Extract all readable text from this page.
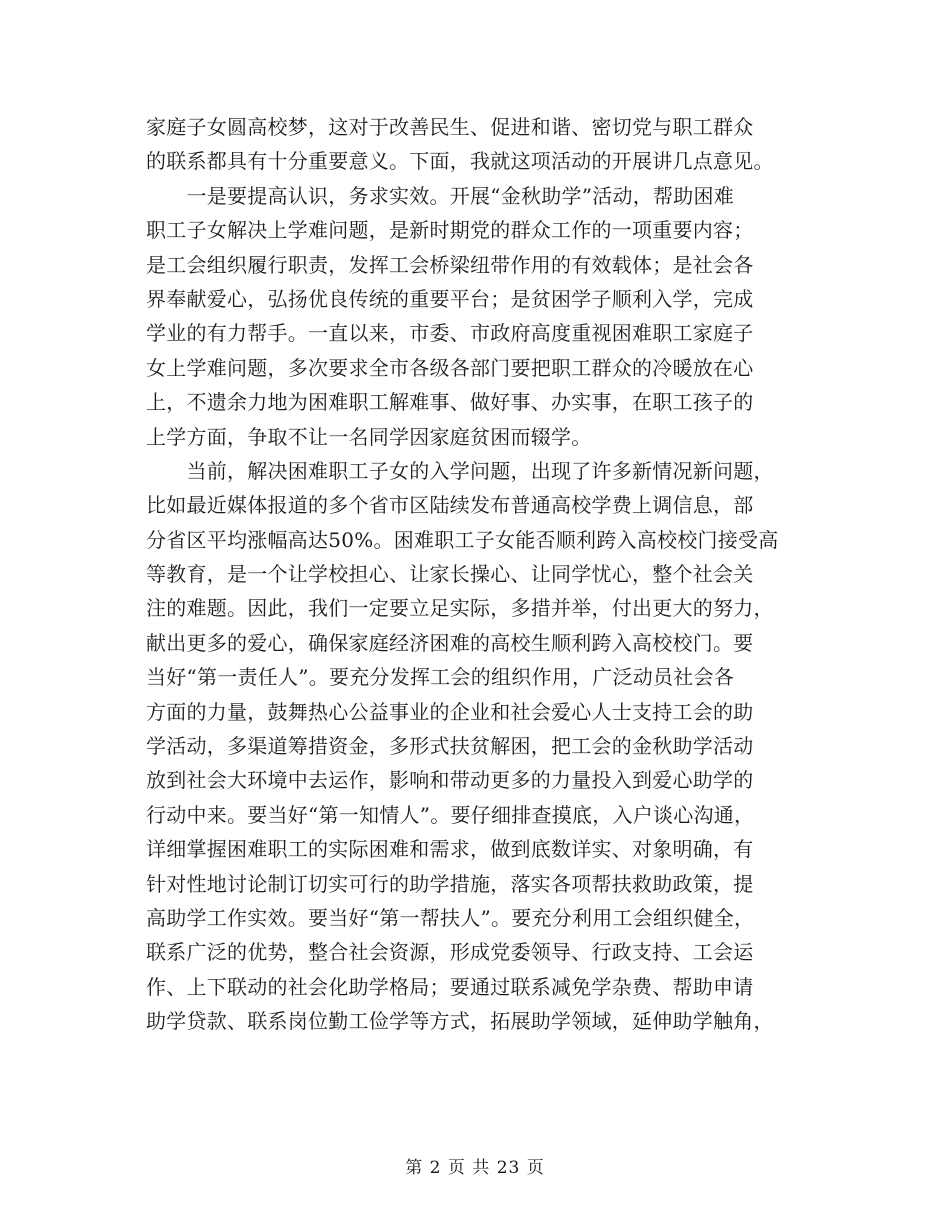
家庭子女圆高校梦，这对于改善民生、促进和谐、密切党与职工群众
的联系都具有十分重要意义。下面，我就这项活动的开展讲几点意见。
　　一是要提高认识，务求实效。开展“金秋助学”活动，帮助困难
职工子女解决上学难问题，是新时期党的群众工作的一项重要内容；
是工会组织履行职责，发挥工会桥梁纽带作用的有效载体；是社会各
界奉献爱心，弘扬优良传统的重要平台；是贫困学子顺利入学，完成
学业的有力帮手。一直以来，市委、市政府高度重视困难职工家庭子
女上学难问题，多次要求全市各级各部门要把职工群众的冷暖放在心
上，不遗余力地为困难职工解难事、做好事、办实事，在职工孩子的
上学方面，争取不让一名同学因家庭贫困而辍学。
　　当前，解决困难职工子女的入学问题，出现了许多新情况新问题，
比如最近媒体报道的多个省市区陆续发布普通高校学费上调信息，部
分省区平均涨幅高达50%。困难职工子女能否顺利跨入高校校门接受高
等教育，是一个让学校担心、让家长操心、让同学忧心，整个社会关
注的难题。因此，我们一定要立足实际，多措并举，付出更大的努力，
献出更多的爱心，确保家庭经济困难的高校生顺利跨入高校校门。要
当好“第一责任人”。要充分发挥工会的组织作用，广泛动员社会各
方面的力量，鼓舞热心公益事业的企业和社会爱心人士支持工会的助
学活动，多渠道筹措资金，多形式扶贫解困，把工会的金秋助学活动
放到社会大环境中去运作，影响和带动更多的力量投入到爱心助学的
行动中来。要当好“第一知情人”。要仔细排查摸底，入户谈心沟通，
详细掌握困难职工的实际困难和需求，做到底数详实、对象明确，有
针对性地讨论制订切实可行的助学措施，落实各项帮扶救助政策，提
高助学工作实效。要当好“第一帮扶人”。要充分利用工会组织健全，
联系广泛的优势，整合社会资源，形成党委领导、行政支持、工会运
作、上下联动的社会化助学格局；要通过联系减免学杂费、帮助申请
助学贷款、联系岗位勤工俭学等方式，拓展助学领域，延伸助学触角，
第 2 页 共 23 页
